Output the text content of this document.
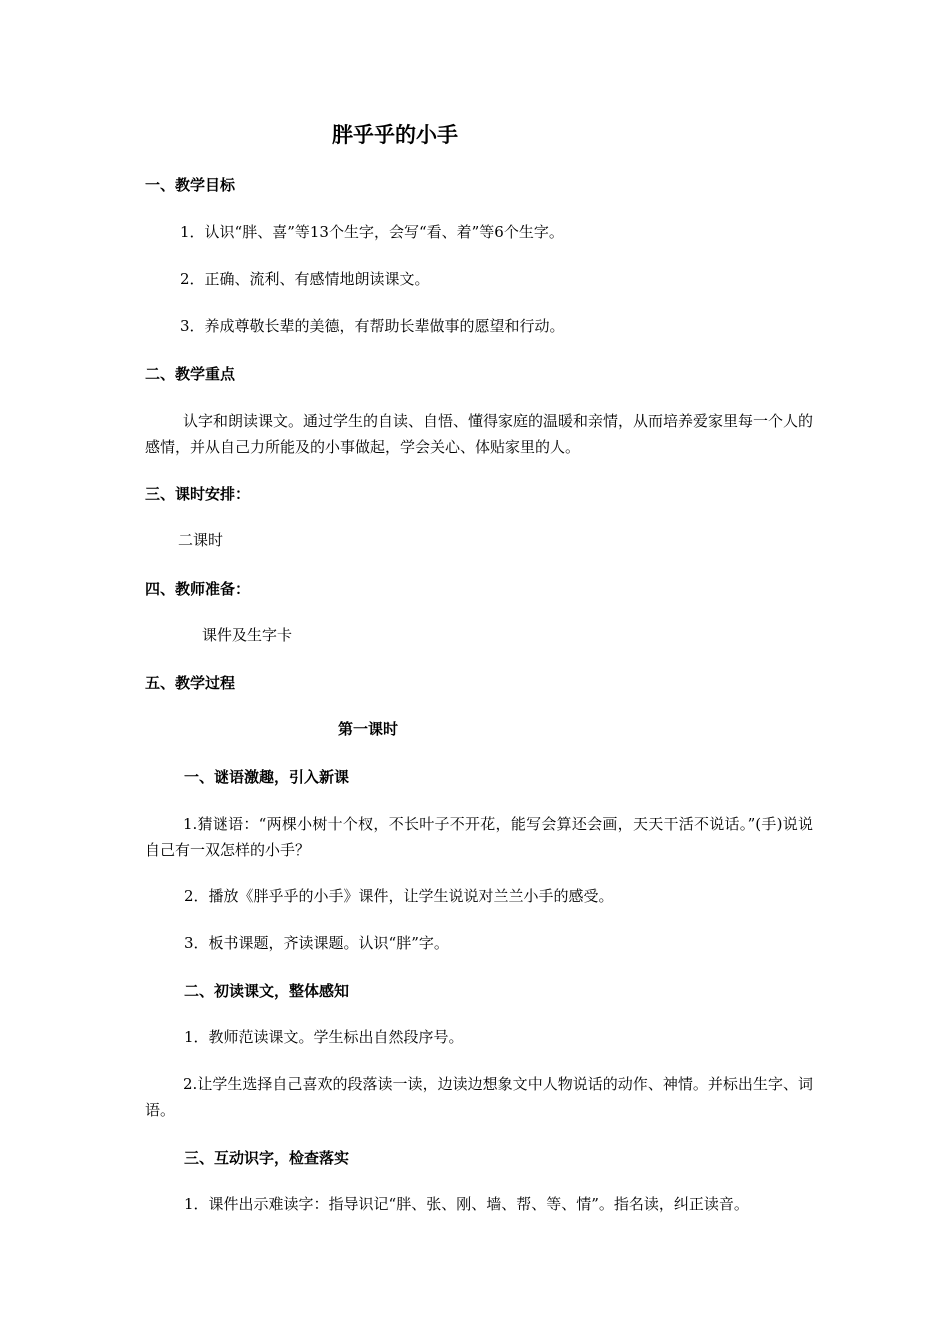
胖乎乎的小手
一、教学目标
1．认识“胖、喜”等13个生字，会写“看、着”等6个生字。
2．正确、流利、有感情地朗读课文。
3．养成尊敬长辈的美德，有帮助长辈做事的愿望和行动。
二、教学重点
认字和朗读课文。通过学生的自读、自悟、懂得家庭的温暖和亲情，从而培养爱家里每一个人的感情，并从自己力所能及的小事做起，学会关心、体贴家里的人。
三、课时安排：
二课时
四、教师准备：
课件及生字卡
五、教学过程
第一课时
一、谜语激趣，引入新课
1.猜谜语：“两棵小树十个杈，不长叶子不开花，能写会算还会画，天天干活不说话。”(手)说说自己有一双怎样的小手？
2．播放《胖乎乎的小手》课件，让学生说说对兰兰小手的感受。
3．板书课题，齐读课题。认识“胖”字。
二、初读课文，整体感知
1．教师范读课文。学生标出自然段序号。
2.让学生选择自己喜欢的段落读一读，边读边想象文中人物说话的动作、神情。并标出生字、词语。
三、互动识字，检查落实
1．课件出示难读字：指导识记“胖、张、刚、墙、帮、等、情”。指名读，纠正读音。
